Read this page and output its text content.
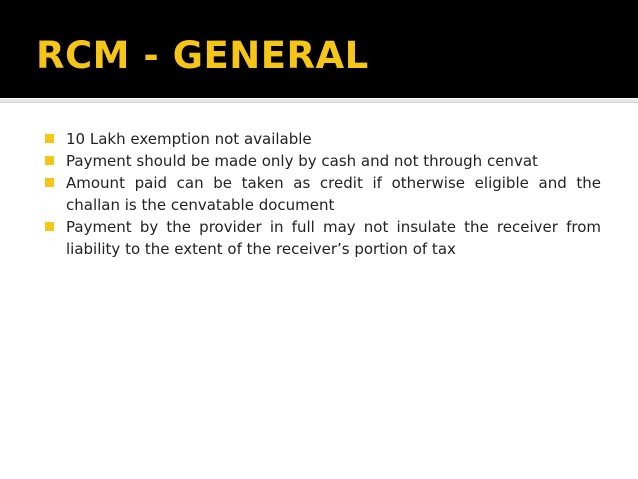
RCM - GENERAL
10 Lakh exemption not available
Payment should be made only by cash and not through cenvat
Amount paid can be taken as credit if otherwise eligible and the challan is the cenvatable document
Payment by the provider in full may not insulate the receiver from liability to the extent of the receiver’s portion of tax
